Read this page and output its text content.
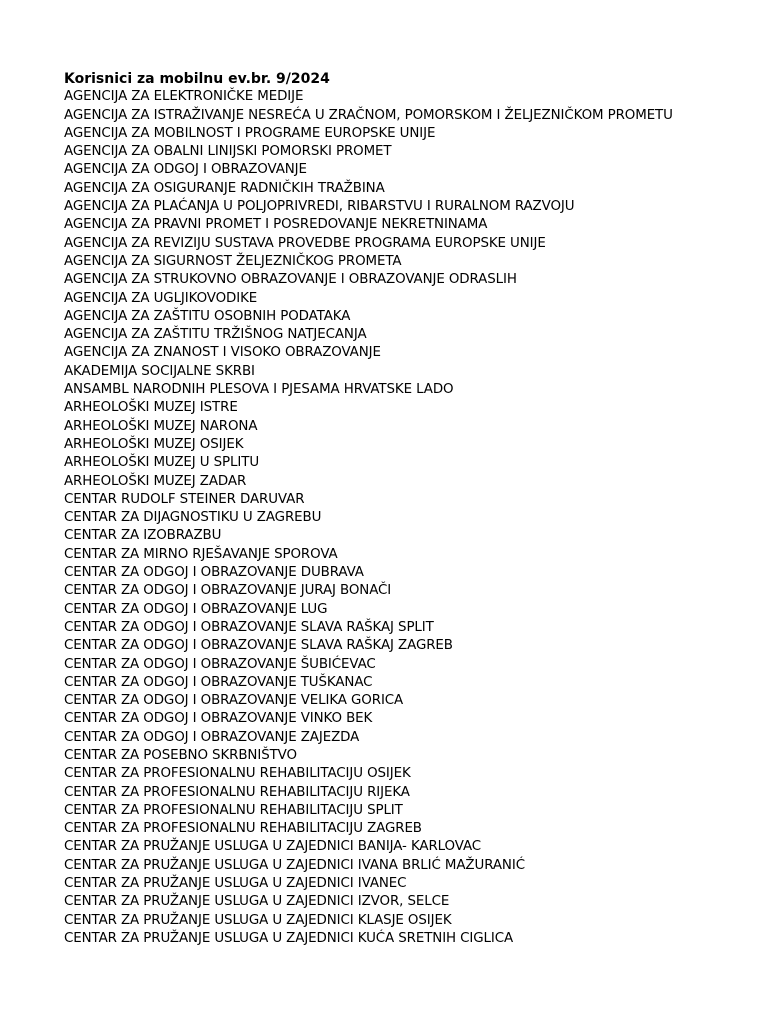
Korisnici za mobilnu ev.br. 9/2024
AGENCIJA ZA ELEKTRONIČKE MEDIJE
AGENCIJA ZA ISTRAŽIVANJE NESREĆA U ZRAČNOM, POMORSKOM I ŽELJEZNIČKOM PROMETU
AGENCIJA ZA MOBILNOST I PROGRAME EUROPSKE UNIJE
AGENCIJA ZA OBALNI LINIJSKI POMORSKI PROMET
AGENCIJA ZA ODGOJ I OBRAZOVANJE
AGENCIJA ZA OSIGURANJE RADNIČKIH TRAŽBINA
AGENCIJA ZA PLAĆANJA U POLJOPRIVREDI, RIBARSTVU I RURALNOM RAZVOJU
AGENCIJA ZA PRAVNI PROMET I POSREDOVANJE NEKRETNINAMA
AGENCIJA ZA REVIZIJU SUSTAVA PROVEDBE PROGRAMA EUROPSKE UNIJE
AGENCIJA ZA SIGURNOST ŽELJEZNIČKOG PROMETA
AGENCIJA ZA STRUKOVNO OBRAZOVANJE I OBRAZOVANJE ODRASLIH
AGENCIJA ZA UGLJIKOVODIKE
AGENCIJA ZA ZAŠTITU OSOBNIH PODATAKA
AGENCIJA ZA ZAŠTITU TRŽIŠNOG NATJECANJA
AGENCIJA ZA ZNANOST I VISOKO OBRAZOVANJE
AKADEMIJA SOCIJALNE SKRBI
ANSAMBL NARODNIH PLESOVA I PJESAMA HRVATSKE LADO
ARHEOLOŠKI MUZEJ ISTRE
ARHEOLOŠKI MUZEJ NARONA
ARHEOLOŠKI MUZEJ OSIJEK
ARHEOLOŠKI MUZEJ U SPLITU
ARHEOLOŠKI MUZEJ ZADAR
CENTAR RUDOLF STEINER DARUVAR
CENTAR ZA DIJAGNOSTIKU U ZAGREBU
CENTAR ZA IZOBRAZBU
CENTAR ZA MIRNO RJEŠAVANJE SPOROVA
CENTAR ZA ODGOJ I OBRAZOVANJE DUBRAVA
CENTAR ZA ODGOJ I OBRAZOVANJE JURAJ BONAČI
CENTAR ZA ODGOJ I OBRAZOVANJE LUG
CENTAR ZA ODGOJ I OBRAZOVANJE SLAVA RAŠKAJ SPLIT
CENTAR ZA ODGOJ I OBRAZOVANJE SLAVA RAŠKAJ ZAGREB
CENTAR ZA ODGOJ I OBRAZOVANJE ŠUBIĆEVAC
CENTAR ZA ODGOJ I OBRAZOVANJE TUŠKANAC
CENTAR ZA ODGOJ I OBRAZOVANJE VELIKA GORICA
CENTAR ZA ODGOJ I OBRAZOVANJE VINKO BEK
CENTAR ZA ODGOJ I OBRAZOVANJE ZAJEZDA
CENTAR ZA POSEBNO SKRBNIŠTVO
CENTAR ZA PROFESIONALNU REHABILITACIJU OSIJEK
CENTAR ZA PROFESIONALNU REHABILITACIJU RIJEKA
CENTAR ZA PROFESIONALNU REHABILITACIJU SPLIT
CENTAR ZA PROFESIONALNU REHABILITACIJU ZAGREB
CENTAR ZA PRUŽANJE USLUGA U ZAJEDNICI BANIJA- KARLOVAC
CENTAR ZA PRUŽANJE USLUGA U ZAJEDNICI IVANA BRLIĆ MAŽURANIĆ
CENTAR ZA PRUŽANJE USLUGA U ZAJEDNICI IVANEC
CENTAR ZA PRUŽANJE USLUGA U ZAJEDNICI IZVOR, SELCE
CENTAR ZA PRUŽANJE USLUGA U ZAJEDNICI KLASJE OSIJEK
CENTAR ZA PRUŽANJE USLUGA U ZAJEDNICI KUĆA SRETNIH CIGLICA
